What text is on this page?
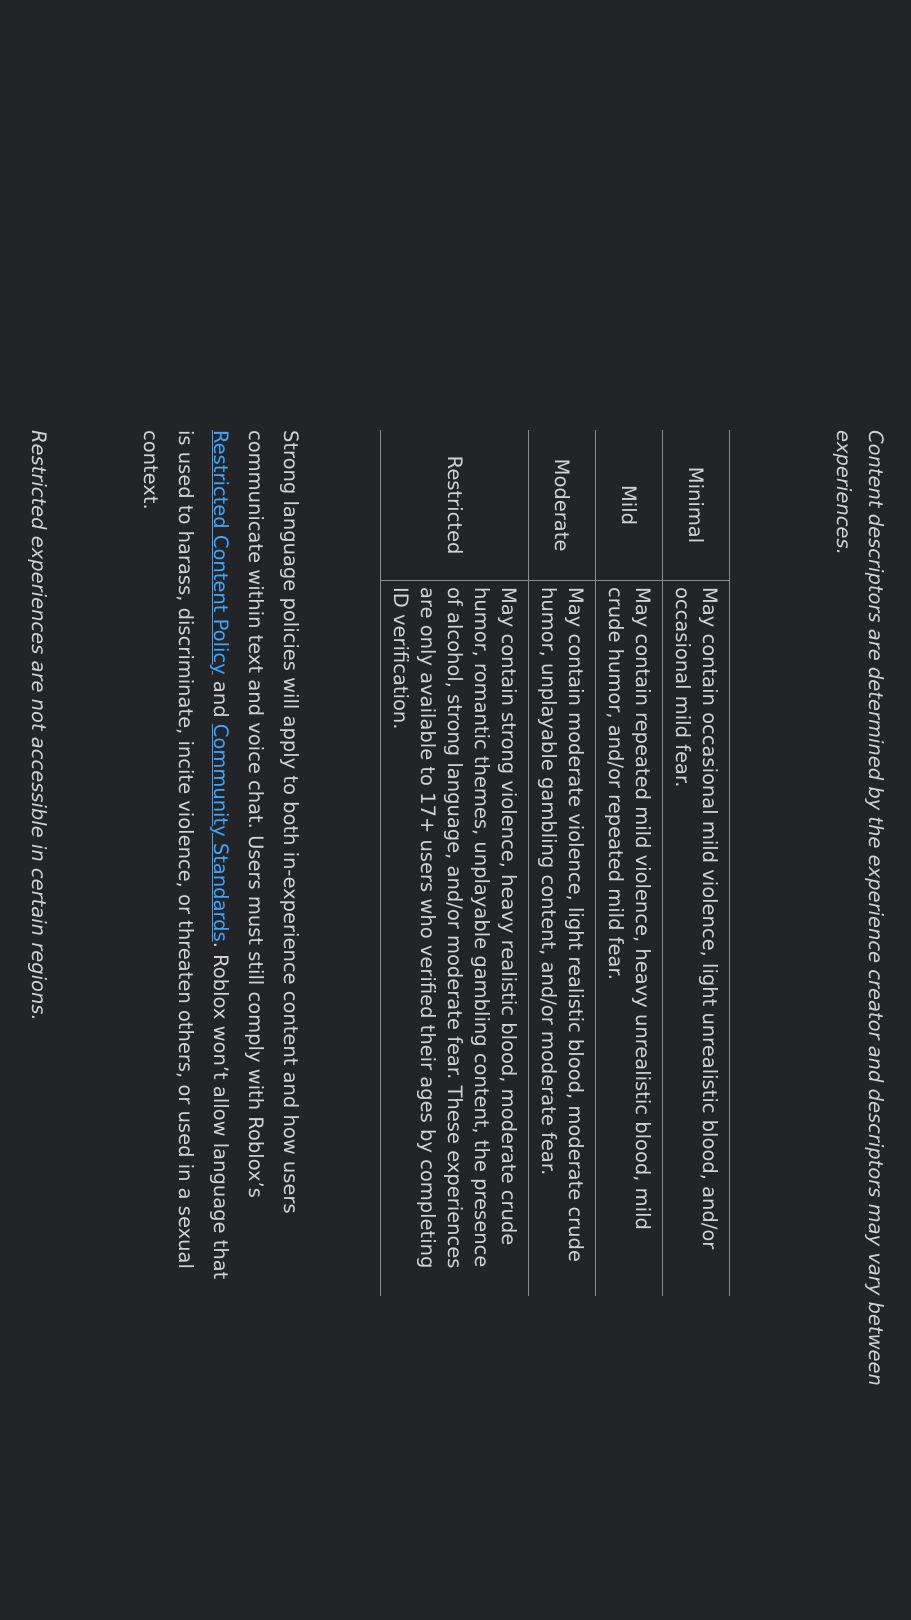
Content descriptors are determined by the experience creator and descriptors may vary between experiences.

Minimal	May contain occasional mild violence, light unrealistic blood, and/or occasional mild fear.
Mild	May contain repeated mild violence, heavy unrealistic blood, mild crude humor, and/or repeated mild fear.
Moderate	May contain moderate violence, light realistic blood, moderate crude humor, unplayable gambling content, and/or moderate fear.
Restricted	May contain strong violence, heavy realistic blood, moderate crude humor, romantic themes, unplayable gambling content, the presence of alcohol, strong language, and/or moderate fear. These experiences are only available to 17+ users who verified their ages by completing ID verification.

Strong language policies will apply to both in-experience content and how users communicate within text and voice chat. Users must still comply with Roblox’s Restricted Content Policy and Community Standards. Roblox won’t allow language that is used to harass, discriminate, incite violence, or threaten others, or used in a sexual context.

Restricted experiences are not accessible in certain regions.
